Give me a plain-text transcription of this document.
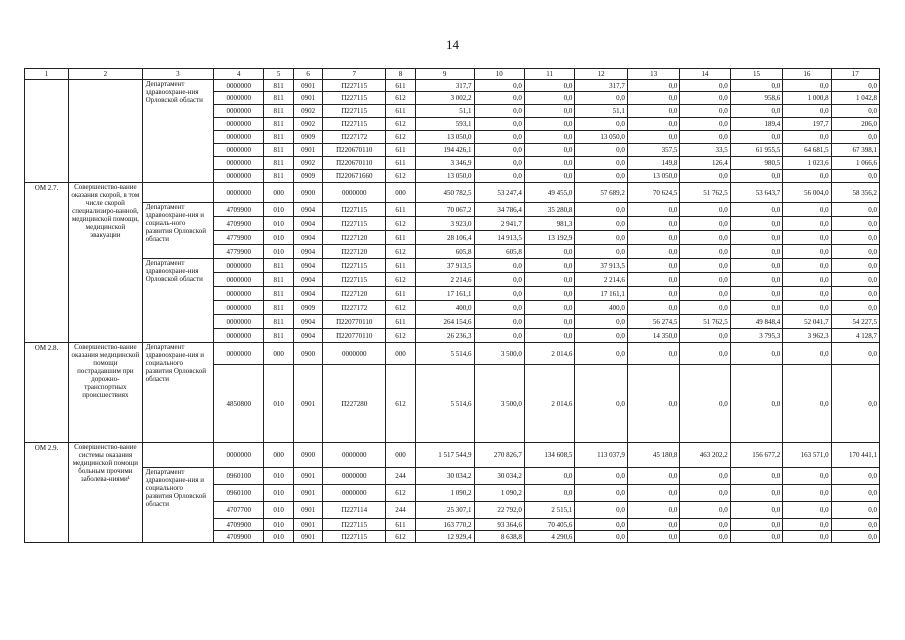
14
1	2	3	4	5	6	7	8	9	10	11	12	13	14	15	16	17
		Департамент здравоохране-ния Орловской области	0000000	811	0901	П227115	611	317,7	0,0	0,0	317,7	0,0	0,0	0,0	0,0	0,0
			0000000	811	0901	П227115	612	3 002,2	0,0	0,0	0,0	0,0	0,0	958,6	1 000,8	1 042,8
			0000000	811	0902	П227115	611	51,1	0,0	0,0	51,1	0,0	0,0	0,0	0,0	0,0
			0000000	811	0902	П227115	612	593,1	0,0	0,0	0,0	0,0	0,0	189,4	197,7	206,0
			0000000	811	0909	П227172	612	13 050,0	0,0	0,0	13 050,0	0,0	0,0	0,0	0,0	0,0
			0000000	811	0901	П220670110	611	194 426,1	0,0	0,0	0,0	357,5	33,5	61 955,5	64 681,5	67 398,1
			0000000	811	0902	П220670110	611	3 346,9	0,0	0,0	0,0	149,8	126,4	980,5	1 023,6	1 066,6
			0000000	811	0909	П220671660	612	13 050,0	0,0	0,0	0,0	13 050,0	0,0	0,0	0,0	0,0
ОМ 2.7.	Совершенство-вание оказания скорой, в том числе скорой специализиро-ванной, медицинской помощи, медицинской эвакуации		0000000	000	0900	0000000	000	450 782,5	53 247,4	49 455,0	57 689,2	70 624,5	51 762,5	53 643,7	56 004,0	58 356,2
		Департамент здравоохране-ния и социаль-ного развития Орловской области	4709900	010	0904	П227115	611	70 067,2	34 786,4	35 280,8	0,0	0,0	0,0	0,0	0,0	0,0
			4709900	010	0904	П227115	612	3 923,0	2 941,7	981,3	0,0	0,0	0,0	0,0	0,0	0,0
			4779900	010	0904	П227120	611	28 106,4	14 913,5	13 192,9	0,0	0,0	0,0	0,0	0,0	0,0
			4779900	010	0904	П227120	612	605,8	605,8	0,0	0,0	0,0	0,0	0,0	0,0	0,0
		Департамент здравоохране-ния Орловской области	0000000	811	0904	П227115	611	37 913,5	0,0	0,0	37 913,5	0,0	0,0	0,0	0,0	0,0
			0000000	811	0904	П227115	612	2 214,6	0,0	0,0	2 214,6	0,0	0,0	0,0	0,0	0,0
			0000000	811	0904	П227120	611	17 161,1	0,0	0,0	17 161,1	0,0	0,0	0,0	0,0	0,0
			0000000	811	0909	П227172	612	400,0	0,0	0,0	400,0	0,0	0,0	0,0	0,0	0,0
			0000000	811	0904	П220770110	611	264 154,6	0,0	0,0	0,0	56 274,5	51 762,5	49 848,4	52 041,7	54 227,5
			0000000	811	0904	П220770110	612	26 236,3	0,0	0,0	0,0	14 350,0	0,0	3 795,3	3 962,3	4 128,7
ОМ 2.8.	Совершенство-вание оказания медицинской помощи пострадавшим при дорожно-транспортных происшествиях	Департамент здравоохране-ния и социального развития Орловской области	0000000	000	0900	0000000	000	5 514,6	3 500,0	2 014,6	0,0	0,0	0,0	0,0	0,0	0,0
			4850800	010	0901	П227280	612	5 514,6	3 500,0	2 014,6	0,0	0,0	0,0	0,0	0,0	0,0
ОМ 2.9.	Совершенство-вание системы оказания медицинской помощи больным прочими заболева-ниями¹		0000000	000	0900	0000000	000	1 517 544,9	270 826,7	134 608,5	113 037,9	45 180,8	463 202,2	156 677,2	163 571,0	170 441,1
		Департамент здравоохране-ния и социального развития Орловской области	0960100	010	0901	0000000	244	30 034,2	30 034,2	0,0	0,0	0,0	0,0	0,0	0,0	0,0
			0960100	010	0901	0000000	612	1 090,2	1 090,2	0,0	0,0	0,0	0,0	0,0	0,0	0,0
			4707700	010	0901	П227114	244	25 307,1	22 792,0	2 515,1	0,0	0,0	0,0	0,0	0,0	0,0
			4709900	010	0901	П227115	611	163 770,2	93 364,6	70 405,6	0,0	0,0	0,0	0,0	0,0	0,0
			4709900	010	0901	П227115	612	12 929,4	8 638,8	4 290,6	0,0	0,0	0,0	0,0	0,0	0,0
